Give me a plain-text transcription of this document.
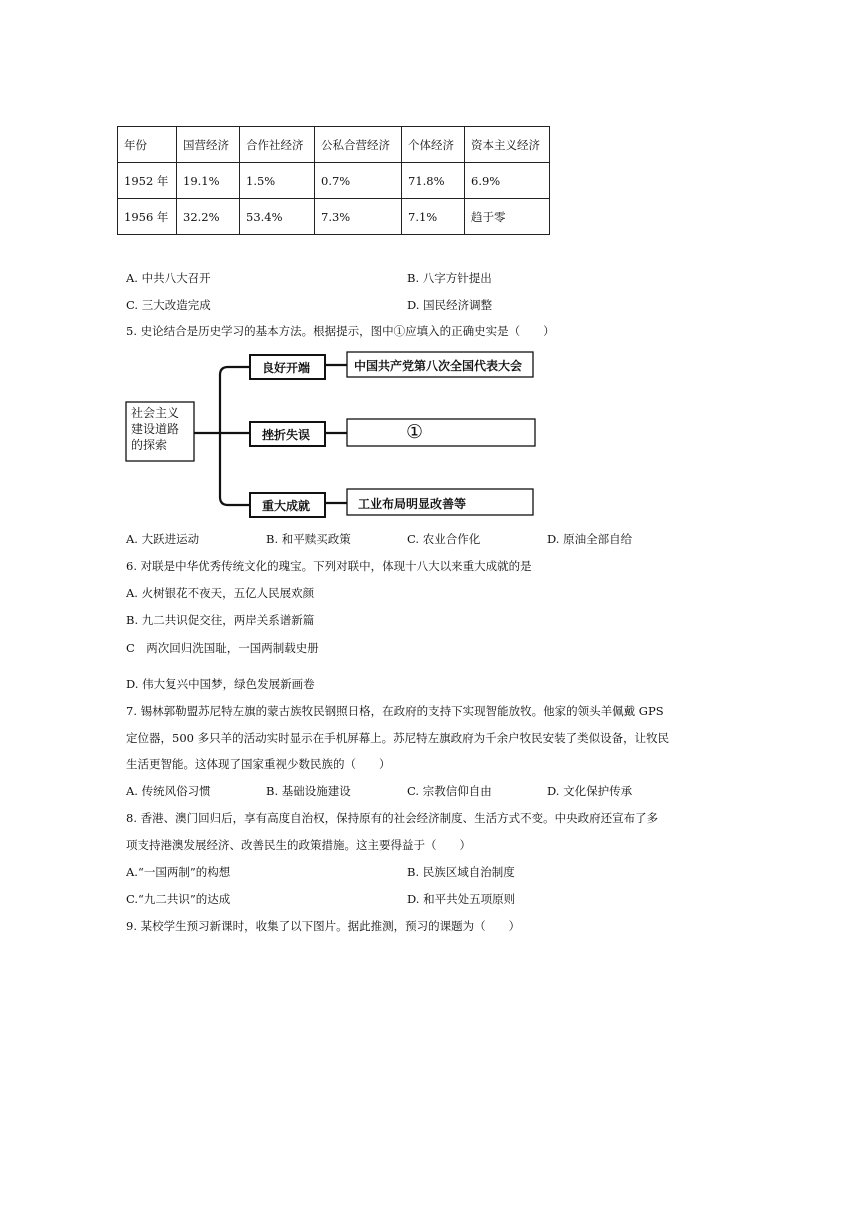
年份	国营经济	合作社经济	公私合营经济	个体经济	资本主义经济
1952 年	19.1%	1.5%	0.7%	71.8%	6.9%
1956 年	32.2%	53.4%	7.3%	7.1%	趋于零
A. 中共八大召开	B. 八字方针提出
C. 三大改造完成	D. 国民经济调整
5. 史论结合是历史学习的基本方法。根据提示，图中①应填入的正确史实是（　　）
社会主义
建设道路
的探索
良好开端
挫折失误
重大成就
中国共产党第八次全国代表大会
①
工业布局明显改善等
A. 大跃进运动	B. 和平赎买政策	C. 农业合作化	D. 原油全部自给
6. 对联是中华优秀传统文化的瑰宝。下列对联中，体现十八大以来重大成就的是
A. 火树银花不夜天，五亿人民展欢颜
B. 九二共识促交往，两岸关系谱新篇
C　两次回归洗国耻，一国两制载史册
D. 伟大复兴中国梦，绿色发展新画卷
7. 锡林郭勒盟苏尼特左旗的蒙古族牧民钢照日格，在政府的支持下实现智能放牧。他家的领头羊佩戴 GPS
定位器，500 多只羊的活动实时显示在手机屏幕上。苏尼特左旗政府为千余户牧民安装了类似设备，让牧民
生活更智能。这体现了国家重视少数民族的（　　）
A. 传统风俗习惯	B. 基础设施建设	C. 宗教信仰自由	D. 文化保护传承
8. 香港、澳门回归后，享有高度自治权，保持原有的社会经济制度、生活方式不变。中央政府还宣布了多
项支持港澳发展经济、改善民生的政策措施。这主要得益于（　　）
A.“一国两制”的构想	B. 民族区域自治制度
C.“九二共识”的达成	D. 和平共处五项原则
9. 某校学生预习新课时，收集了以下图片。据此推测，预习的课题为（　　）
